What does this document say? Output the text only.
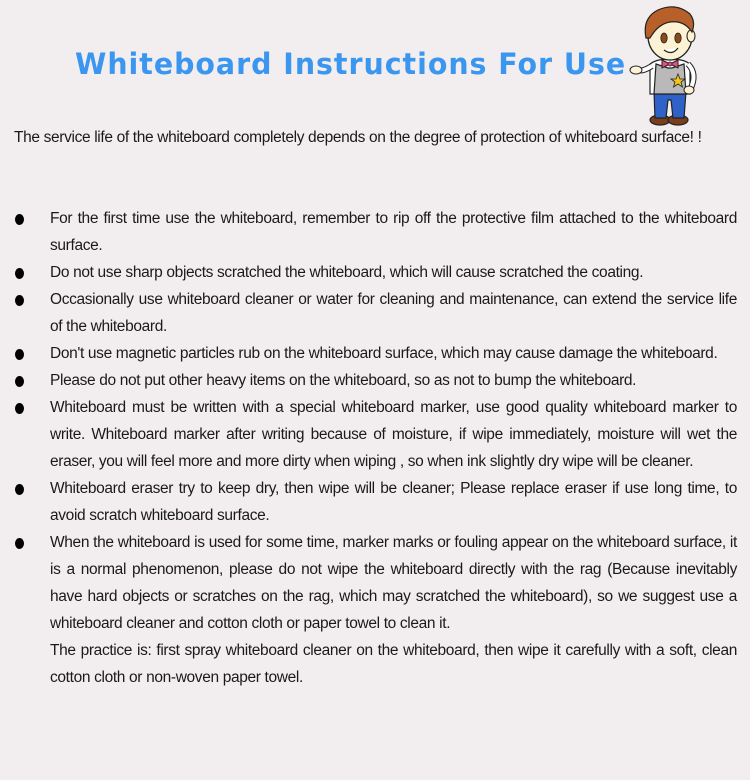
Whiteboard Instructions For Use

The service life of the whiteboard completely depends on the degree of protection of whiteboard surface! !

For the first time use the whiteboard, remember to rip off the protective film attached to the whiteboard surface.

Do not use sharp objects scratched the whiteboard, which will cause scratched the coating.

Occasionally use whiteboard cleaner or water for cleaning and maintenance, can extend the service life of the whiteboard.

Don't use magnetic particles rub on the whiteboard surface, which may cause damage the whiteboard.

Please do not put other heavy items on the whiteboard, so as not to bump the whiteboard.

Whiteboard must be written with a special whiteboard marker, use good quality whiteboard marker to write. Whiteboard marker after writing because of moisture, if wipe immediately, moisture will wet the eraser, you will feel more and more dirty when wiping , so when ink slightly dry wipe will be cleaner.

Whiteboard eraser try to keep dry, then wipe will be cleaner; Please replace eraser if use long time, to avoid scratch whiteboard surface.

When the whiteboard is used for some time, marker marks or fouling appear on the whiteboard surface, it is a normal phenomenon, please do not wipe the whiteboard directly with the rag (Because inevitably have hard objects or scratches on the rag, which may scratched the whiteboard), so we suggest use a whiteboard cleaner and cotton cloth or paper towel to clean it.

The practice is: first spray whiteboard cleaner on the whiteboard, then wipe it carefully with a soft, clean cotton cloth or non-woven paper towel.
